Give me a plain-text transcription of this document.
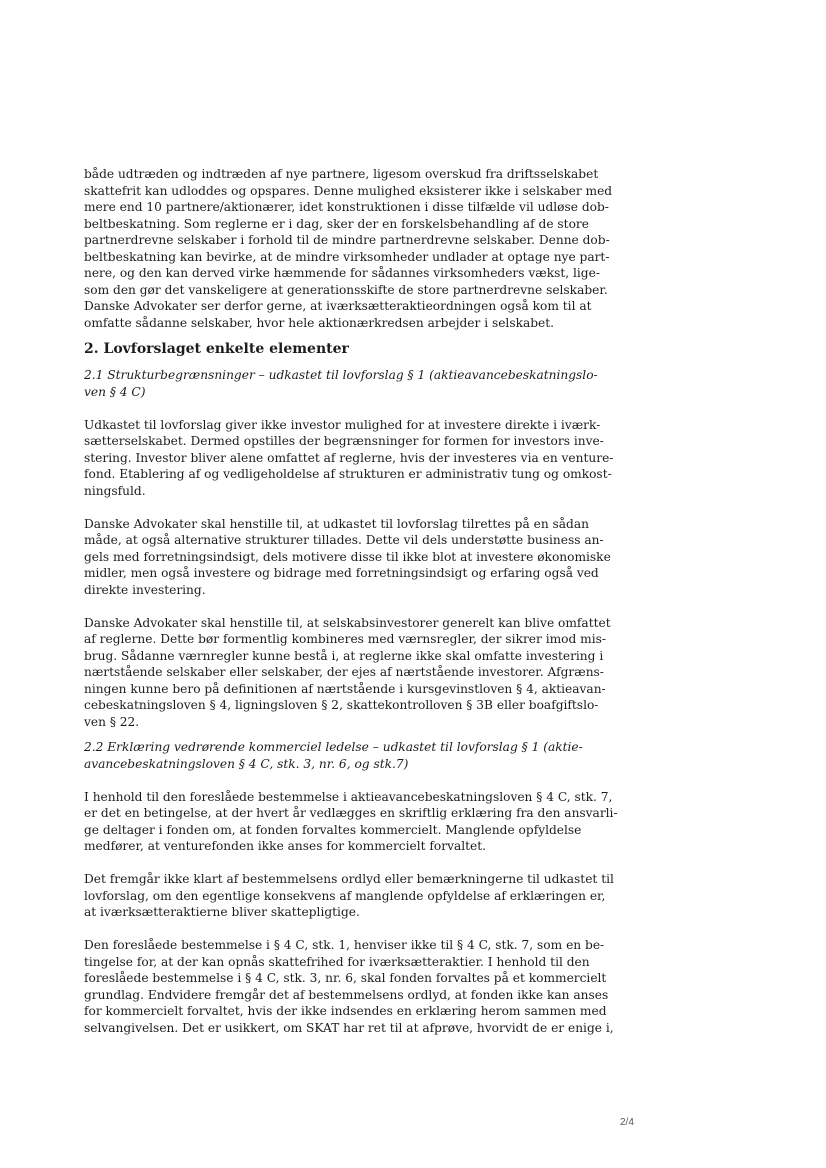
både udtræden og indtræden af nye partnere, ligesom overskud fra driftsselskabet
skattefrit kan udloddes og opspares. Denne mulighed eksisterer ikke i selskaber med
mere end 10 partnere/aktionærer, idet konstruktionen i disse tilfælde vil udløse dob-
beltbeskatning. Som reglerne er i dag, sker der en forskelsbehandling af de store
partnerdrevne selskaber i forhold til de mindre partnerdrevne selskaber. Denne dob-
beltbeskatning kan bevirke, at de mindre virksomheder undlader at optage nye part-
nere, og den kan derved virke hæmmende for sådannes virksomheders vækst, lige-
som den gør det vanskeligere at generationsskifte de store partnerdrevne selskaber.
Danske Advokater ser derfor gerne, at iværksætteraktieordningen også kom til at
omfatte sådanne selskaber, hvor hele aktionærkredsen arbejder i selskabet.
2. Lovforslaget enkelte elementer
2.1 Strukturbegrænsninger – udkastet til lovforslag § 1 (aktieavancebeskatningslo-
ven § 4 C)
Udkastet til lovforslag giver ikke investor mulighed for at investere direkte i iværk-
sætterselskabet. Dermed opstilles der begrænsninger for formen for investors inve-
stering. Investor bliver alene omfattet af reglerne, hvis der investeres via en venture-
fond. Etablering af og vedligeholdelse af strukturen er administrativ tung og omkost-
ningsfuld.
Danske Advokater skal henstille til, at udkastet til lovforslag tilrettes på en sådan
måde, at også alternative strukturer tillades. Dette vil dels understøtte business an-
gels med forretningsindsigt, dels motivere disse til ikke blot at investere økonomiske
midler, men også investere og bidrage med forretningsindsigt og erfaring også ved
direkte investering.
Danske Advokater skal henstille til, at selskabsinvestorer generelt kan blive omfattet
af reglerne. Dette bør formentlig kombineres med værnsregler, der sikrer imod mis-
brug. Sådanne værnregler kunne bestå i, at reglerne ikke skal omfatte investering i
nærtstående selskaber eller selskaber, der ejes af nærtstående investorer. Afgræns-
ningen kunne bero på definitionen af nærtstående i kursgevinstloven § 4, aktieavan-
cebeskatningsloven § 4, ligningsloven § 2, skattekontrolloven § 3B eller boafgiftslo-
ven § 22.
2.2 Erklæring vedrørende kommerciel ledelse – udkastet til lovforslag § 1 (aktie-
avancebeskatningsloven § 4 C, stk. 3, nr. 6, og stk.7)
I henhold til den foreslåede bestemmelse i aktieavancebeskatningsloven § 4 C, stk. 7,
er det en betingelse, at der hvert år vedlægges en skriftlig erklæring fra den ansvarli-
ge deltager i fonden om, at fonden forvaltes kommercielt. Manglende opfyldelse
medfører, at venturefonden ikke anses for kommercielt forvaltet.
Det fremgår ikke klart af bestemmelsens ordlyd eller bemærkningerne til udkastet til
lovforslag, om den egentlige konsekvens af manglende opfyldelse af erklæringen er,
at iværksætteraktierne bliver skattepligtige.
Den foreslåede bestemmelse i § 4 C, stk. 1, henviser ikke til § 4 C, stk. 7, som en be-
tingelse for, at der kan opnås skattefrihed for iværksætteraktier. I henhold til den
foreslåede bestemmelse i § 4 C, stk. 3, nr. 6, skal fonden forvaltes på et kommercielt
grundlag. Endvidere fremgår det af bestemmelsens ordlyd, at fonden ikke kan anses
for kommercielt forvaltet, hvis der ikke indsendes en erklæring herom sammen med
selvangivelsen. Det er usikkert, om SKAT har ret til at afprøve, hvorvidt de er enige i,
2/4
